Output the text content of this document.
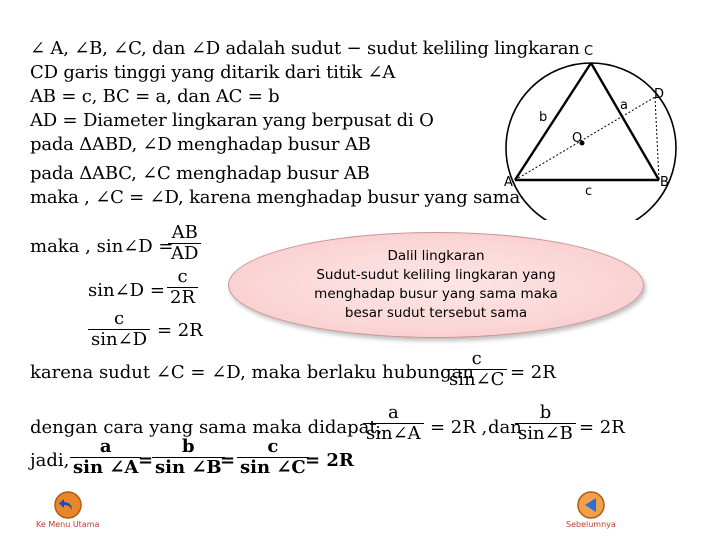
∠ A, ∠B, ∠C, dan ∠D adalah sudut − sudut keliling lingkaran
CD garis tinggi yang ditarik dari titik ∠A
AB = c, BC = a, dan AC = b
AD = Diameter lingkaran yang berpusat di O
pada ΔABD, ∠D menghadap busur AB
pada ΔABC, ∠C menghadap busur AB
maka , ∠C = ∠D, karena menghadap busur yang sama
C
D
A	B
O
a
b
c
maka , sin∠D =
$\frac{AB}{AD}$
sin∠D = $\frac{c}{2R}$
$\frac{c}{\sin\angle D} = 2R$
Dalil lingkaran
Sudut-sudut keliling lingkaran yang
menghadap busur yang sama maka
besar sudut tersebut sama
karena sudut ∠C = ∠D, maka berlaku hubungan
$\frac{c}{\sin\angle C} = 2R$
dengan cara yang sama maka didapat,
$\frac{a}{\sin\angle A} = 2R$ , dan
$\frac{b}{\sin\angle B} = 2R$
jadi, $\frac{a}{\sin \angle A}$
=
$\frac{b}{\sin \angle B}$
= $\frac{c}{\sin \angle C}$
= 2R
Ke Menu Utama	Sebelumnya
